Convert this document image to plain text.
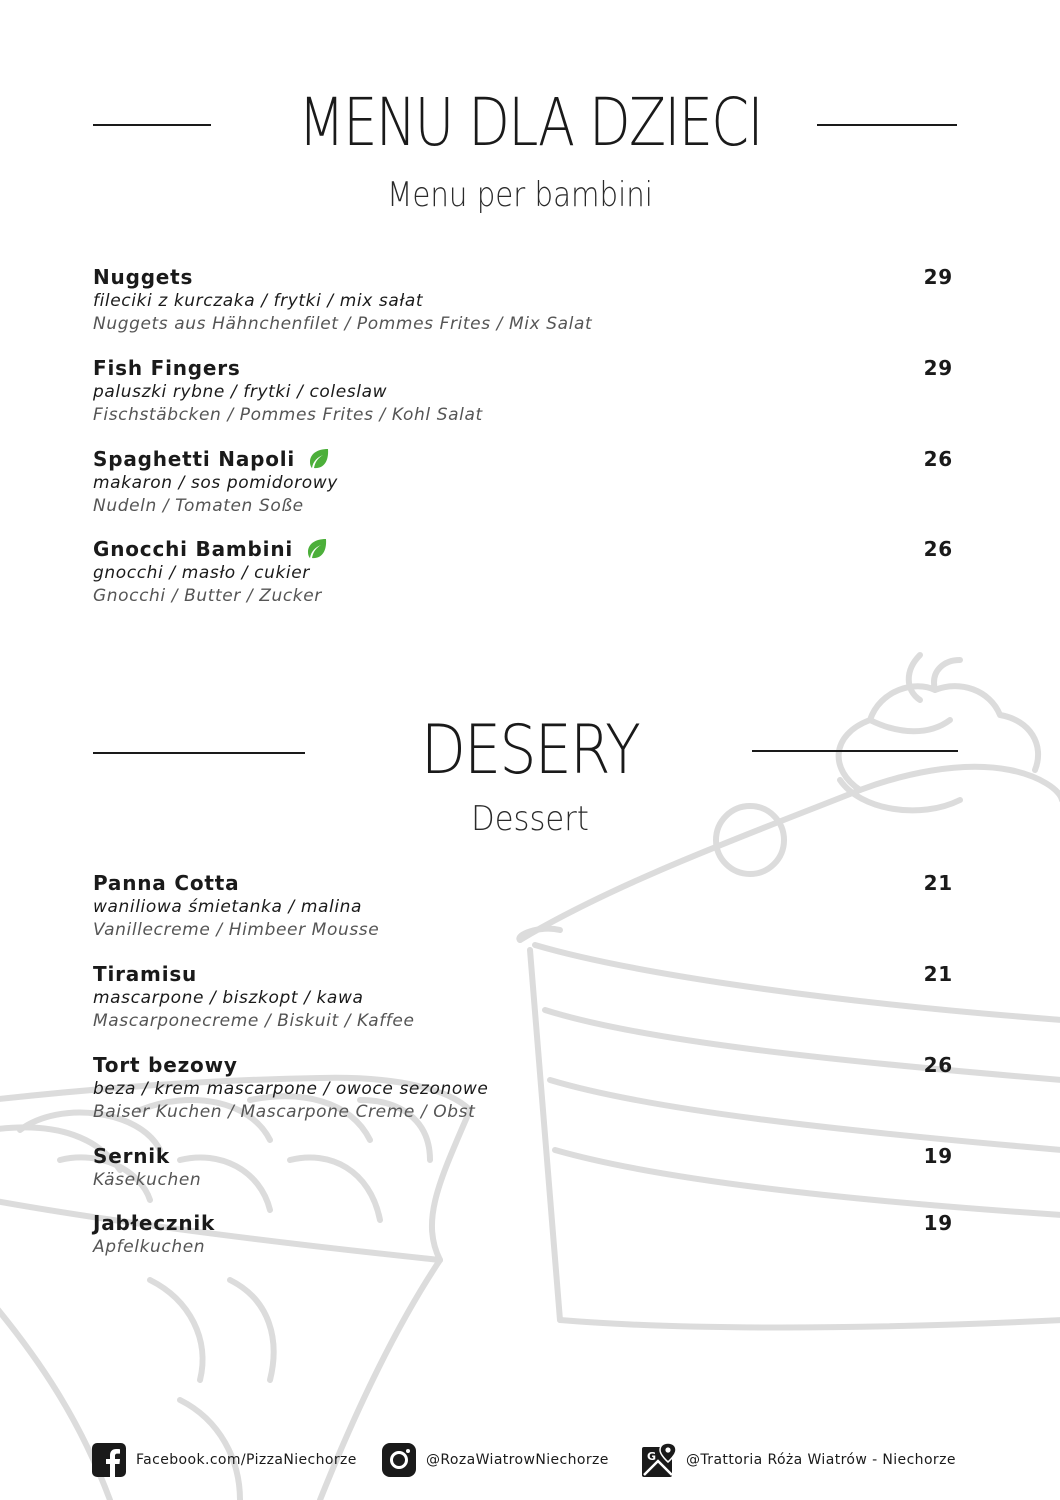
MENU DLA DZIECI
Menu per bambini
Nuggets	29
fileciki z kurczaka / frytki / mix sałat
Nuggets aus Hähnchenfilet / Pommes Frites / Mix Salat
Fish Fingers	29
paluszki rybne / frytki / coleslaw
Fischstäbcken / Pommes Frites / Kohl Salat
Spaghetti Napoli	26
makaron / sos pomidorowy
Nudeln / Tomaten Soße
Gnocchi Bambini	26
gnocchi / masło / cukier
Gnocchi / Butter / Zucker
DESERY
Dessert
Panna Cotta	21
waniliowa śmietanka / malina
Vanillecreme / Himbeer Mousse
Tiramisu	21
mascarpone / biszkopt / kawa
Mascarponecreme / Biskuit / Kaffee
Tort bezowy	26
beza / krem mascarpone / owoce sezonowe
Baiser Kuchen / Mascarpone Creme / Obst
Sernik	19
Käsekuchen
Jabłecznik	19
Apfelkuchen
Facebook.com/PizzaNiechorze	@RozaWiatrowNiechorze	G @Trattoria Róża Wiatrów - Niechorze
